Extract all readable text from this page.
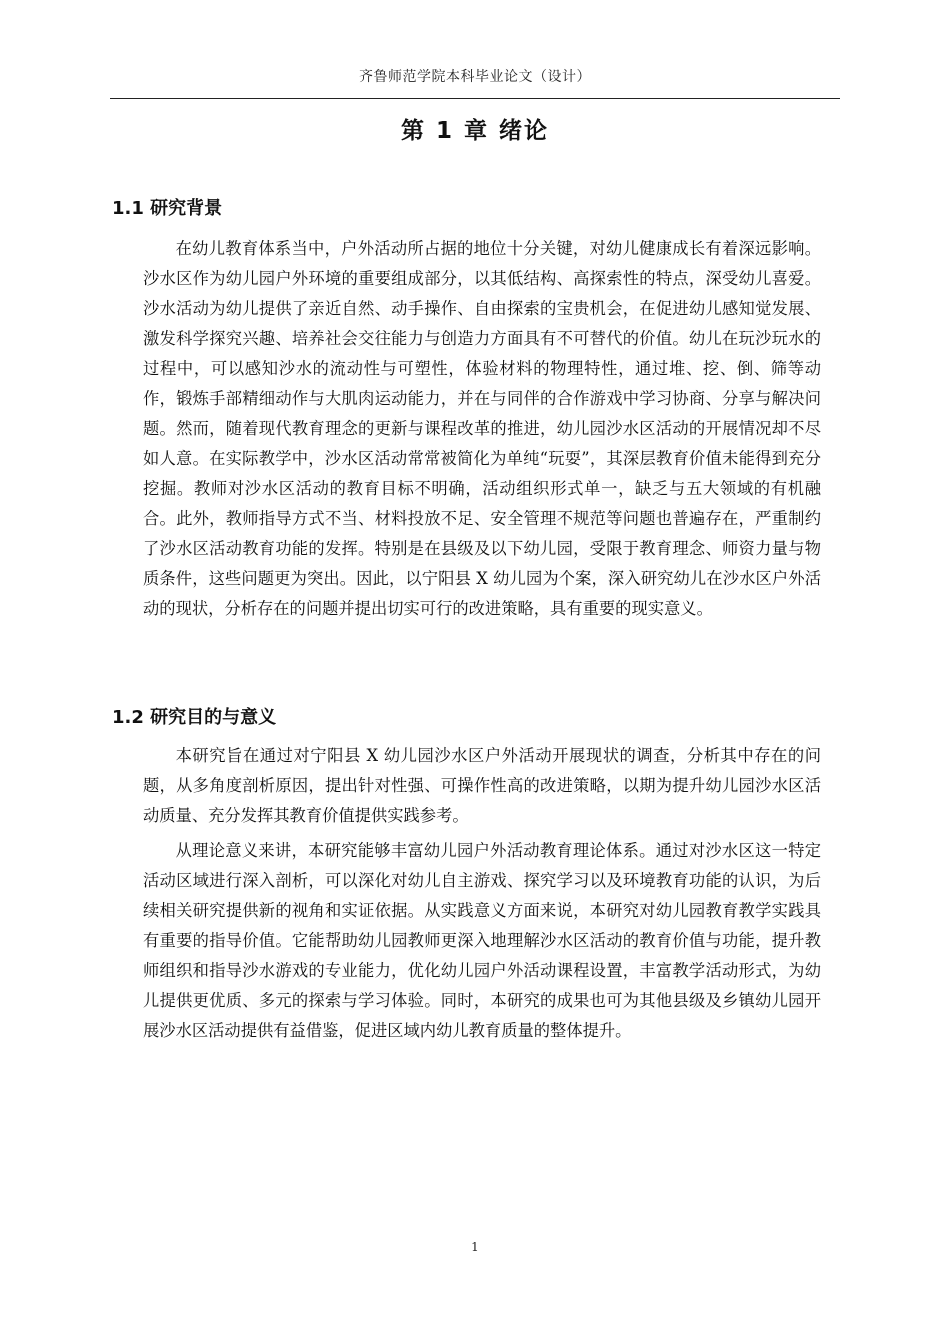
齐鲁师范学院本科毕业论文（设计）
第 1 章 绪论
1.1 研究背景

在幼儿教育体系当中，户外活动所占据的地位十分关键，对幼儿健康成长有着深远影响。沙水区作为幼儿园户外环境的重要组成部分，以其低结构、高探索性的特点，深受幼儿喜爱。沙水活动为幼儿提供了亲近自然、动手操作、自由探索的宝贵机会，在促进幼儿感知觉发展、激发科学探究兴趣、培养社会交往能力与创造力方面具有不可替代的价值。幼儿在玩沙玩水的过程中，可以感知沙水的流动性与可塑性，体验材料的物理特性，通过堆、挖、倒、筛等动作，锻炼手部精细动作与大肌肉运动能力，并在与同伴的合作游戏中学习协商、分享与解决问题。然而，随着现代教育理念的更新与课程改革的推进，幼儿园沙水区活动的开展情况却不尽如人意。在实际教学中，沙水区活动常常被简化为单纯“玩耍”，其深层教育价值未能得到充分挖掘。教师对沙水区活动的教育目标不明确，活动组织形式单一，缺乏与五大领域的有机融合。此外，教师指导方式不当、材料投放不足、安全管理不规范等问题也普遍存在，严重制约了沙水区活动教育功能的发挥。特别是在县级及以下幼儿园，受限于教育理念、师资力量与物质条件，这些问题更为突出。因此，以宁阳县 X 幼儿园为个案，深入研究幼儿在沙水区户外活动的现状，分析存在的问题并提出切实可行的改进策略，具有重要的现实意义。

1.2 研究目的与意义

本研究旨在通过对宁阳县 X 幼儿园沙水区户外活动开展现状的调查，分析其中存在的问题，从多角度剖析原因，提出针对性强、可操作性高的改进策略，以期为提升幼儿园沙水区活动质量、充分发挥其教育价值提供实践参考。

从理论意义来讲，本研究能够丰富幼儿园户外活动教育理论体系。通过对沙水区这一特定活动区域进行深入剖析，可以深化对幼儿自主游戏、探究学习以及环境教育功能的认识，为后续相关研究提供新的视角和实证依据。从实践意义方面来说，本研究对幼儿园教育教学实践具有重要的指导价值。它能帮助幼儿园教师更深入地理解沙水区活动的教育价值与功能，提升教师组织和指导沙水游戏的专业能力，优化幼儿园户外活动课程设置，丰富教学活动形式，为幼儿提供更优质、多元的探索与学习体验。同时，本研究的成果也可为其他县级及乡镇幼儿园开展沙水区活动提供有益借鉴，促进区域内幼儿教育质量的整体提升。

1
